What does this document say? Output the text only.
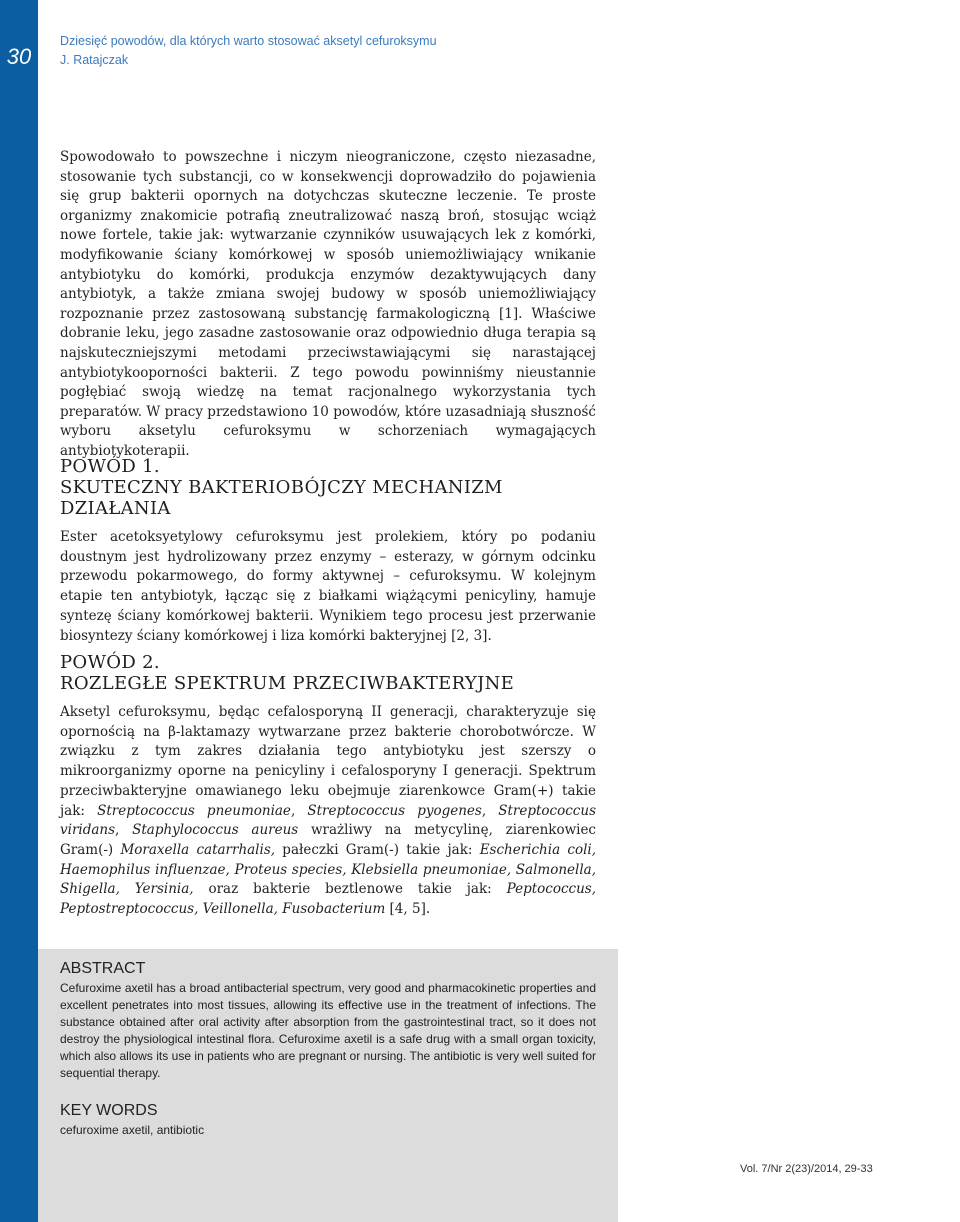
30
Dziesięć powodów, dla których warto stosować aksetyl cefuroksymu
J. Ratajczak

Spowodowało to powszechne i niczym nieograniczone, często niezasadne, stosowanie tych substancji, co w konsekwencji doprowadziło do pojawienia się grup bakterii opornych na dotychczas skuteczne leczenie. Te proste organizmy znakomicie potrafią zneutralizować naszą broń, stosując wciąż nowe fortele, takie jak: wytwarzanie czynników usuwających lek z komórki, modyfikowanie ściany komórkowej w sposób uniemożliwiający wnikanie antybiotyku do komórki, produkcja enzymów dezaktywujących dany antybiotyk, a także zmiana swojej budowy w sposób uniemożliwiający rozpoznanie przez zastosowaną substancję farmakologiczną [1]. Właściwe dobranie leku, jego zasadne zastosowanie oraz odpowiednio długa terapia są najskuteczniejszymi metodami przeciwstawiającymi się narastającej antybiotykooporności bakterii. Z tego powodu powinniśmy nieustannie pogłębiać swoją wiedzę na temat racjonalnego wykorzystania tych preparatów. W pracy przedstawiono 10 powodów, które uzasadniają słuszność wyboru aksetylu cefuroksymu w schorzeniach wymagających antybiotykoterapii.

POWÓD 1.
SKUTECZNY BAKTERIOBÓJCZY MECHANIZM DZIAŁANIA

Ester acetoksyetylowy cefuroksymu jest prolekiem, który po podaniu doustnym jest hydrolizowany przez enzymy – esterazy, w górnym odcinku przewodu pokarmowego, do formy aktywnej – cefuroksymu. W kolejnym etapie ten antybiotyk, łącząc się z białkami wiążącymi penicyliny, hamuje syntezę ściany komórkowej bakterii. Wynikiem tego procesu jest przerwanie biosyntezy ściany komórkowej i liza komórki bakteryjnej [2, 3].

POWÓD 2.
ROZLEGŁE SPEKTRUM PRZECIWBAKTERYJNE

Aksetyl cefuroksymu, będąc cefalosporyną II generacji, charakteryzuje się opornością na β-laktamazy wytwarzane przez bakterie chorobotwórcze. W związku z tym zakres działania tego antybiotyku jest szerszy o mikroorganizmy oporne na penicyliny i cefalosporyny I generacji. Spektrum przeciwbakteryjne omawianego leku obejmuje ziarenkowce Gram(+) takie jak: Streptococcus pneumoniae, Streptococcus pyogenes, Streptococcus viridans, Staphylococcus aureus wrażliwy na metycylinę, ziarenkowiec Gram(-) Moraxella catarrhalis, pałeczki Gram(-) takie jak: Escherichia coli, Haemophilus influenzae, Proteus species, Klebsiella pneumoniae, Salmonella, Shigella, Yersinia, oraz bakterie beztlenowe takie jak: Peptococcus, Peptostreptococcus, Veillonella, Fusobacterium [4, 5].

ABSTRACT

Cefuroxime axetil has a broad antibacterial spectrum, very good and pharmacokinetic properties and excellent penetrates into most tissues, allowing its effective use in the treatment of infections. The substance obtained after oral activity after absorption from the gastrointestinal tract, so it does not destroy the physiological intestinal flora. Cefuroxime axetil is a safe drug with a small organ toxicity, which also allows its use in patients who are pregnant or nursing. The antibiotic is very well suited for sequential therapy.

KEY WORDS

cefuroxime axetil, antibiotic

Vol. 7/Nr 2(23)/2014, 29-33
